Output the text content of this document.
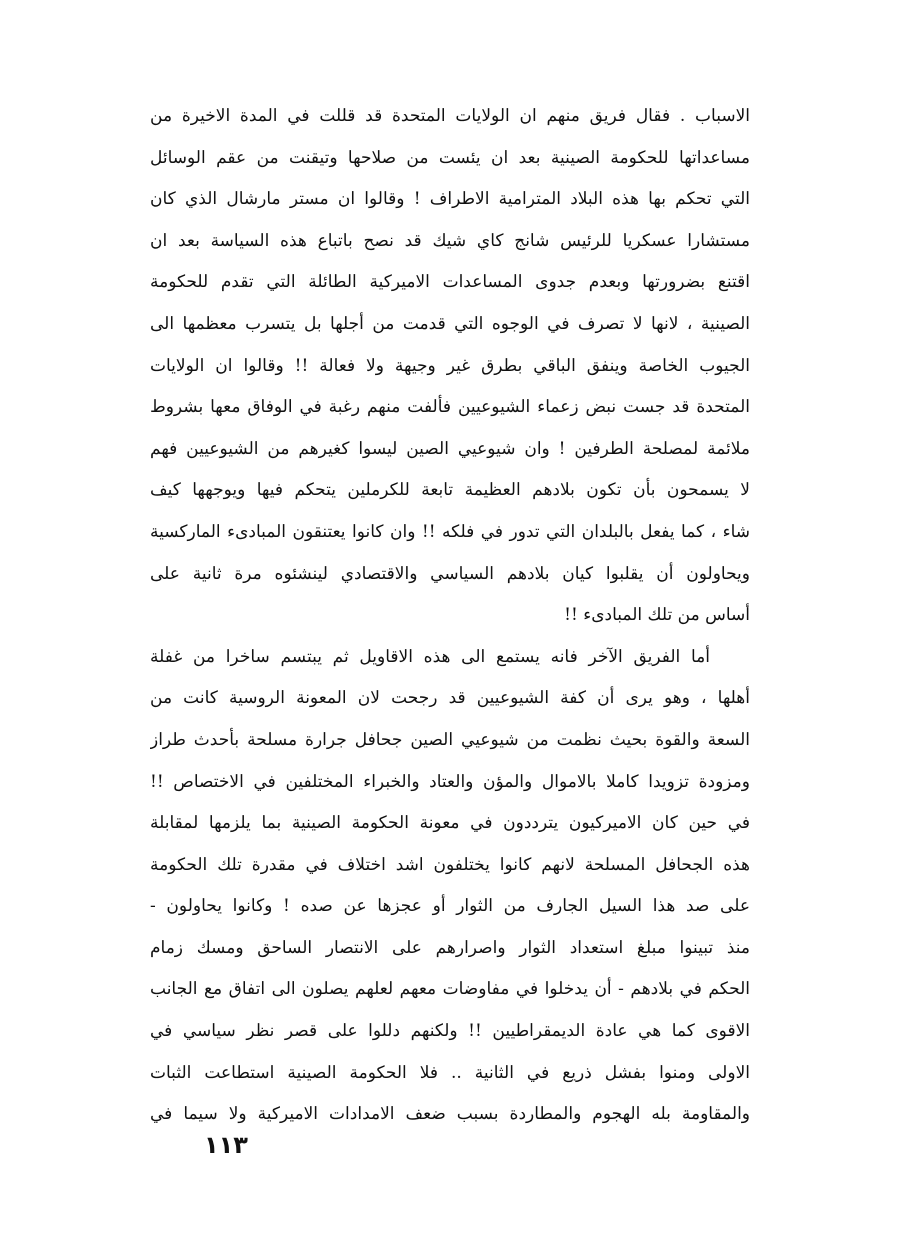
الاسباب . فقال فريق منهم ان الولايات المتحدة قد قللت في المدة الاخيرة من
مساعداتها للحكومة الصينية بعد ان يئست من صلاحها وتيقنت من عقم الوسائل
التي تحكم بها هذه البلاد المترامية الاطراف ! وقالوا ان مستر مارشال الذي كان
مستشارا عسكريا للرئيس شانج كاي شيك قد نصح باتباع هذه السياسة بعد ان
اقتنع بضرورتها وبعدم جدوى المساعدات الاميركية الطائلة التي تقدم للحكومة
الصينية ، لانها لا تصرف في الوجوه التي قدمت من أجلها بل يتسرب معظمها الى
الجيوب الخاصة وينفق الباقي بطرق غير وجيهة ولا فعالة !! وقالوا ان الولايات
المتحدة قد جست نبض زعماء الشيوعيين فألفت منهم رغبة في الوفاق معها بشروط
ملائمة لمصلحة الطرفين ! وان شيوعيي الصين ليسوا كغيرهم من الشيوعيين فهم
لا يسمحون بأن تكون بلادهم العظيمة تابعة للكرملين يتحكم فيها ويوجهها كيف
شاء ، كما يفعل بالبلدان التي تدور في فلكه !! وان كانوا يعتنقون المبادىء الماركسية
ويحاولون أن يقلبوا كيان بلادهم السياسي والاقتصادي لينشئوه مرة ثانية على
أساس من تلك المبادىء !!
أما الفريق الآخر فانه يستمع الى هذه الاقاويل ثم يبتسم ساخرا من غفلة
أهلها ، وهو يرى أن كفة الشيوعيين قد رجحت لان المعونة الروسية كانت من
السعة والقوة بحيث نظمت من شيوعيي الصين جحافل جرارة مسلحة بأحدث طراز
ومزودة تزويدا كاملا بالاموال والمؤن والعتاد والخبراء المختلفين في الاختصاص !!
في حين كان الاميركيون يترددون في معونة الحكومة الصينية بما يلزمها لمقابلة
هذه الجحافل المسلحة لانهم كانوا يختلفون اشد اختلاف في مقدرة تلك الحكومة
على صد هذا السيل الجارف من الثوار أو عجزها عن صده ! وكانوا يحاولون -
منذ تبينوا مبلغ استعداد الثوار واصرارهم على الانتصار الساحق ومسك زمام
الحكم في بلادهم - أن يدخلوا في مفاوضات معهم لعلهم يصلون الى اتفاق مع الجانب
الاقوى كما هي عادة الديمقراطيين !! ولكنهم دللوا على قصر نظر سياسي في
الاولى ومنوا بفشل ذريع في الثانية .. فلا الحكومة الصينية استطاعت الثبات
والمقاومة بله الهجوم والمطاردة بسبب ضعف الامدادات الاميركية ولا سيما في
١١٣
